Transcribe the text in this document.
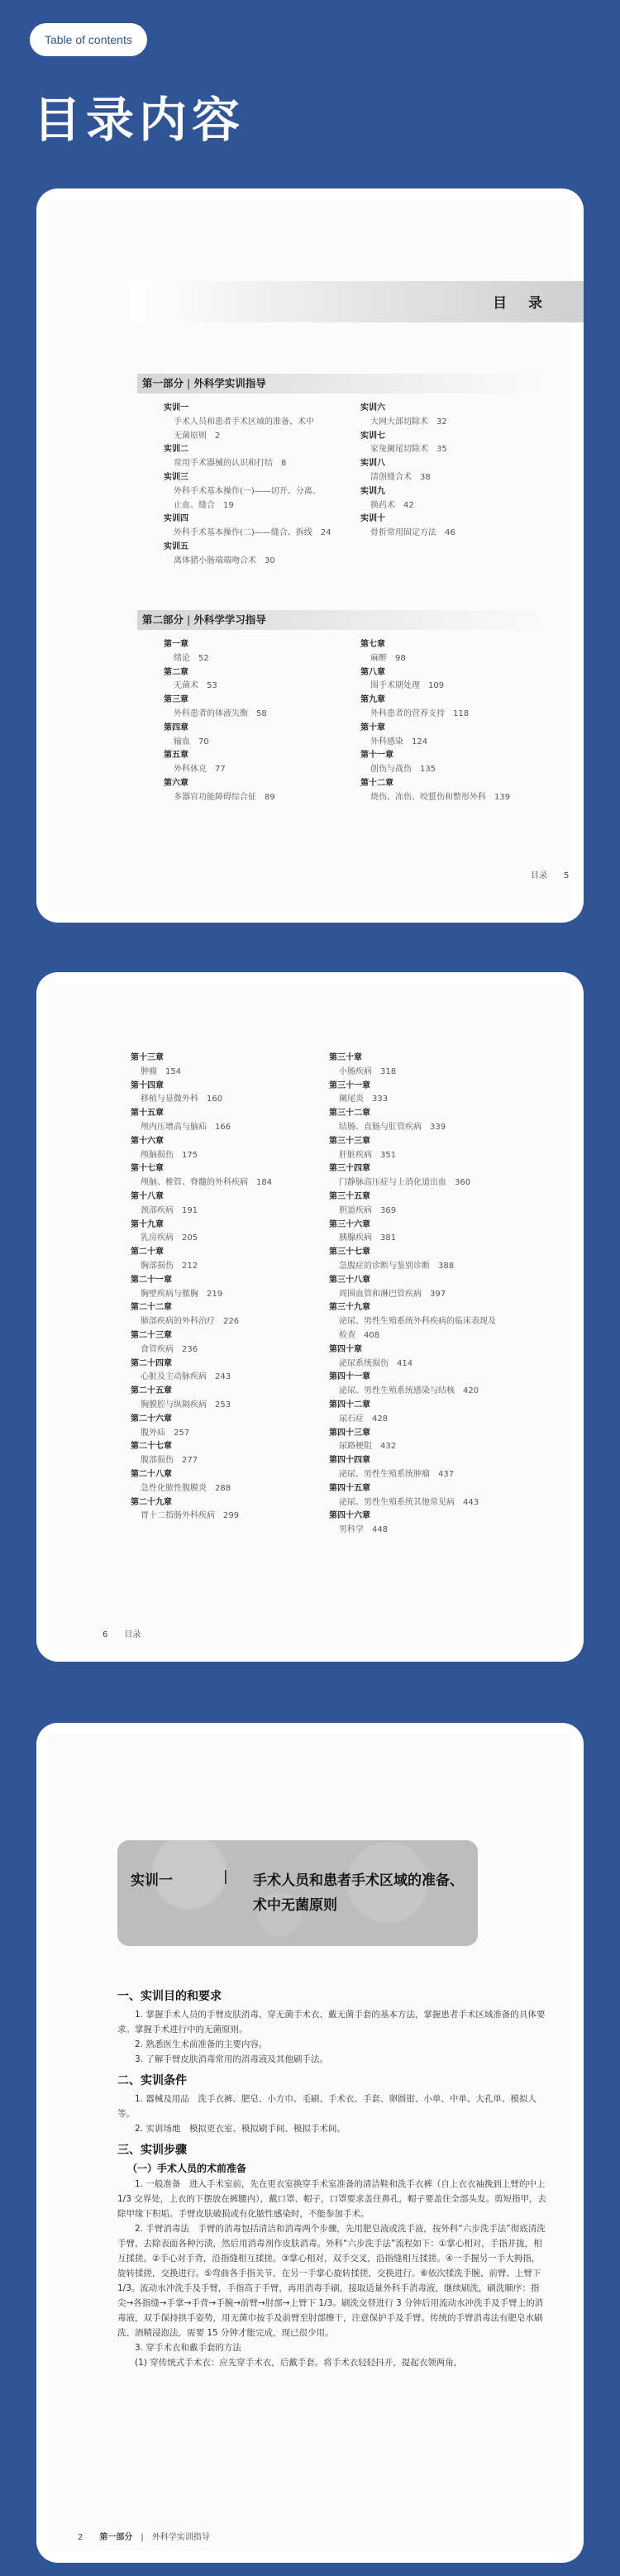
Table of contents
目录内容
目 录
第一部分 | 外科学实训指导
实训一
手术人员和患者手术区域的准备、术中
无菌原则　2
实训二
常用手术器械的认识和打结　8
实训三
外科手术基本操作(一)——切开、分离、
止血、缝合　19
实训四
外科手术基本操作(二)——缝合、拆线　24
实训五
离体猪小肠端端吻合术　30
实训六
大网大部切除术　32
实训七
家兔阑尾切除术　35
实训八
清创缝合术　38
实训九
换药术　42
实训十
骨折常用固定方法　46
第二部分 | 外科学学习指导
第一章
绪论　52
第二章
无菌术　53
第三章
外科患者的体液失衡　58
第四章
输血　70
第五章
外科休克　77
第六章
多器官功能障碍综合征　89
第七章
麻醉　98
第八章
围手术期处理　109
第九章
外科患者的营养支持　118
第十章
外科感染　124
第十一章
创伤与战伤　135
第十二章
烧伤、冻伤、咬蜇伤和整形外科　139
目录　　 5
第十三章
肿瘤　154
第十四章
移植与显微外科　160
第十五章
颅内压增高与脑疝　166
第十六章
颅脑损伤　175
第十七章
颅脑、椎管、脊髓的外科疾病　184
第十八章
颈部疾病　191
第十九章
乳房疾病　205
第二十章
胸部损伤　212
第二十一章
胸壁疾病与脓胸　219
第二十二章
肺部疾病的外科治疗　226
第二十三章
食管疾病　236
第二十四章
心脏及主动脉疾病　243
第二十五章
胸膜腔与纵隔疾病　253
第二十六章
腹外疝　257
第二十七章
腹部损伤　277
第二十八章
急性化脓性腹膜炎　288
第二十九章
胃十二指肠外科疾病　299
第三十章
小肠疾病　318
第三十一章
阑尾炎　333
第三十二章
结肠、直肠与肛管疾病　339
第三十三章
肝脏疾病　351
第三十四章
门静脉高压症与上消化道出血　360
第三十五章
胆道疾病　369
第三十六章
胰腺疾病　381
第三十七章
急腹症的诊断与鉴别诊断　388
第三十八章
周围血管和淋巴管疾病　397
第三十九章
泌尿、男性生殖系统外科疾病的临床表现及
检查　408
第四十章
泌尿系统损伤　414
第四十一章
泌尿、男性生殖系统感染与结核　420
第四十二章
尿石症　428
第四十三章
尿路梗阻　432
第四十四章
泌尿、男性生殖系统肿瘤　437
第四十五章
泌尿、男性生殖系统其他常见病　443
第四十六章
男科学　448
6　　 目录
实训一	| 手术人员和患者手术区域的准备、术中无菌原则
一、实训目的和要求

1. 掌握手术人员的手臂皮肤消毒、穿无菌手术衣、戴无菌手套的基本方法，掌握患者手术区域准备的具体要求。掌握手术进行中的无菌原则。

2. 熟悉医生术前准备的主要内容。

3. 了解手臂皮肤消毒常用的消毒液及其他刷手法。

二、实训条件

1. 器械及用品　洗手衣裤、肥皂、小方巾、毛刷、手术衣、手套、卵圆钳、小单、中单、大孔单、模拟人等。

2. 实训场地　模拟更衣室、模拟刷手间、模拟手术间。

三、实训步骤
（一）手术人员的术前准备

1. 一般准备　进入手术室前，先在更衣室换穿手术室准备的清洁鞋和洗手衣裤（自上衣衣袖挽到上臂的中上 1/3 交界处，上衣的下摆放在裤腰内），戴口罩、帽子，口罩要求盖住鼻孔，帽子要盖住全部头发。剪短指甲，去除甲缘下积垢。手臂皮肤破损或有化脓性感染时，不能参加手术。

2. 手臂消毒法　手臂的消毒包括清洁和消毒两个步骤，先用肥皂液或洗手液，按外科“六步洗手法”彻底清洗手臂，去除表面各种污渍，然后用消毒剂作皮肤消毒。外科“六步洗手法”流程如下：①掌心相对，手指并拢，相互揉搓。②手心对手背，沿指缝相互揉搓。③掌心相对，双手交叉，沿指缝相互揉搓。④一手握另一手大拇指，旋转揉搓，交换进行。⑤弯曲各手指关节，在另一手掌心旋转揉搓，交换进行。⑥依次揉洗手腕、前臂、上臂下 1/3。流动水冲洗手及手臂，手指高于手臂，再用消毒手刷，接取适量外科手消毒液，继续刷洗，刷洗顺序：指尖→各指缝→手掌→手背→手腕→前臂→肘部→上臂下 1/3。刷洗交替进行 3 分钟后用流动水冲洗手及手臂上的消毒液，双手保持拱手姿势，用无菌巾按手及前臂至肘部擦干，注意保护手及手臂。传统的手臂消毒法有肥皂水刷洗、酒精浸泡法，需要 15 分钟才能完成，现已很少用。

3. 穿手术衣和戴手套的方法

(1) 穿传统式手术衣：应先穿手术衣，后戴手套。将手术衣轻轻抖开，提起衣领两角，

2　　 第一部分　|　外科学实训指导
